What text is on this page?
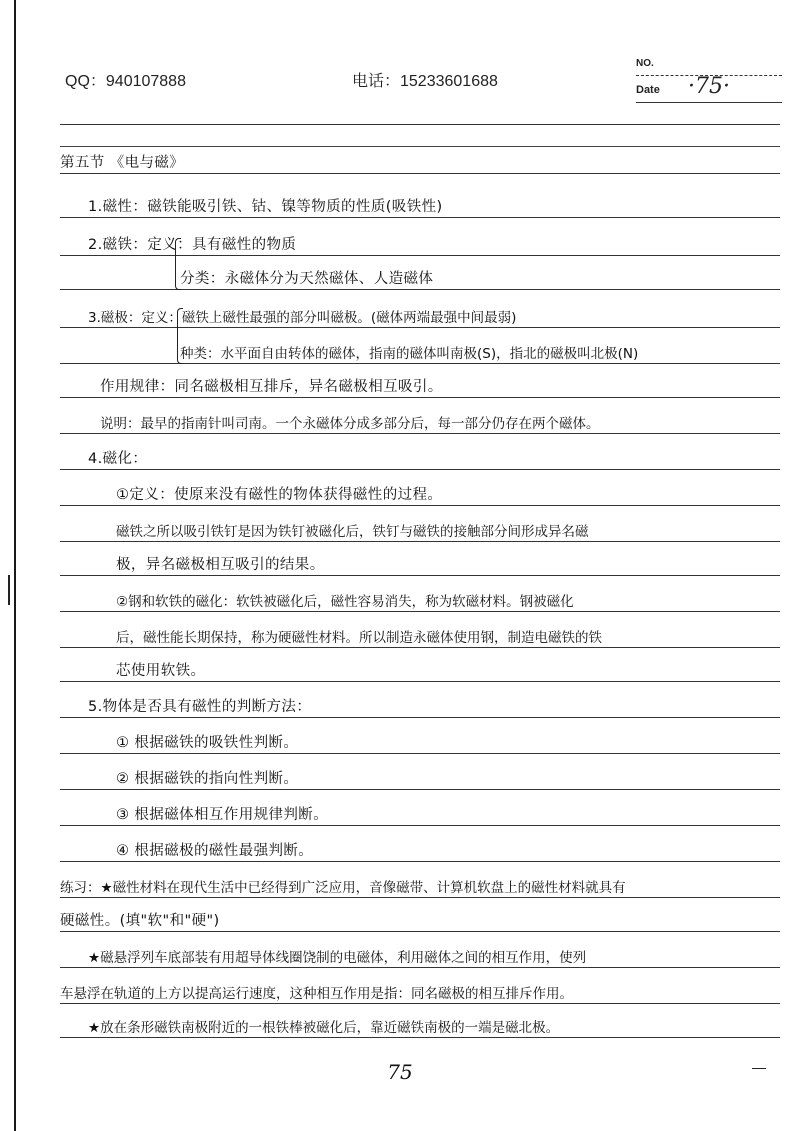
QQ：940107888	电话：15233601688
NO.
Date ·75·
第五节 《电与磁》
1.磁性：磁铁能吸引铁、钴、镍等物质的性质(吸铁性)
2.磁铁：定义：具有磁性的物质
分类：永磁体分为天然磁体、人造磁体
3.磁极：定义：磁铁上磁性最强的部分叫磁极。(磁体两端最强中间最弱)
种类：水平面自由转体的磁体，指南的磁体叫南极(S)，指北的磁极叫北极(N)
作用规律：同名磁极相互排斥，异名磁极相互吸引。
说明：最早的指南针叫司南。一个永磁体分成多部分后，每一部分仍存在两个磁体。
4.磁化：
①定义：使原来没有磁性的物体获得磁性的过程。
磁铁之所以吸引铁钉是因为铁钉被磁化后，铁钉与磁铁的接触部分间形成异名磁
极，异名磁极相互吸引的结果。
②钢和软铁的磁化：软铁被磁化后，磁性容易消失，称为软磁材料。钢被磁化
后，磁性能长期保持，称为硬磁性材料。所以制造永磁体使用钢，制造电磁铁的铁
芯使用软铁。
5.物体是否具有磁性的判断方法：
① 根据磁铁的吸铁性判断。
② 根据磁铁的指向性判断。
③ 根据磁体相互作用规律判断。
④ 根据磁极的磁性最强判断。
练习：★磁性材料在现代生活中已经得到广泛应用，音像磁带、计算机软盘上的磁性材料就具有
硬磁性。(填"软"和"硬")
★磁悬浮列车底部装有用超导体线圈饶制的电磁体，利用磁体之间的相互作用，使列
车悬浮在轨道的上方以提高运行速度，这种相互作用是指：同名磁极的相互排斥作用。
★放在条形磁铁南极附近的一根铁棒被磁化后，靠近磁铁南极的一端是磁北极。
75
